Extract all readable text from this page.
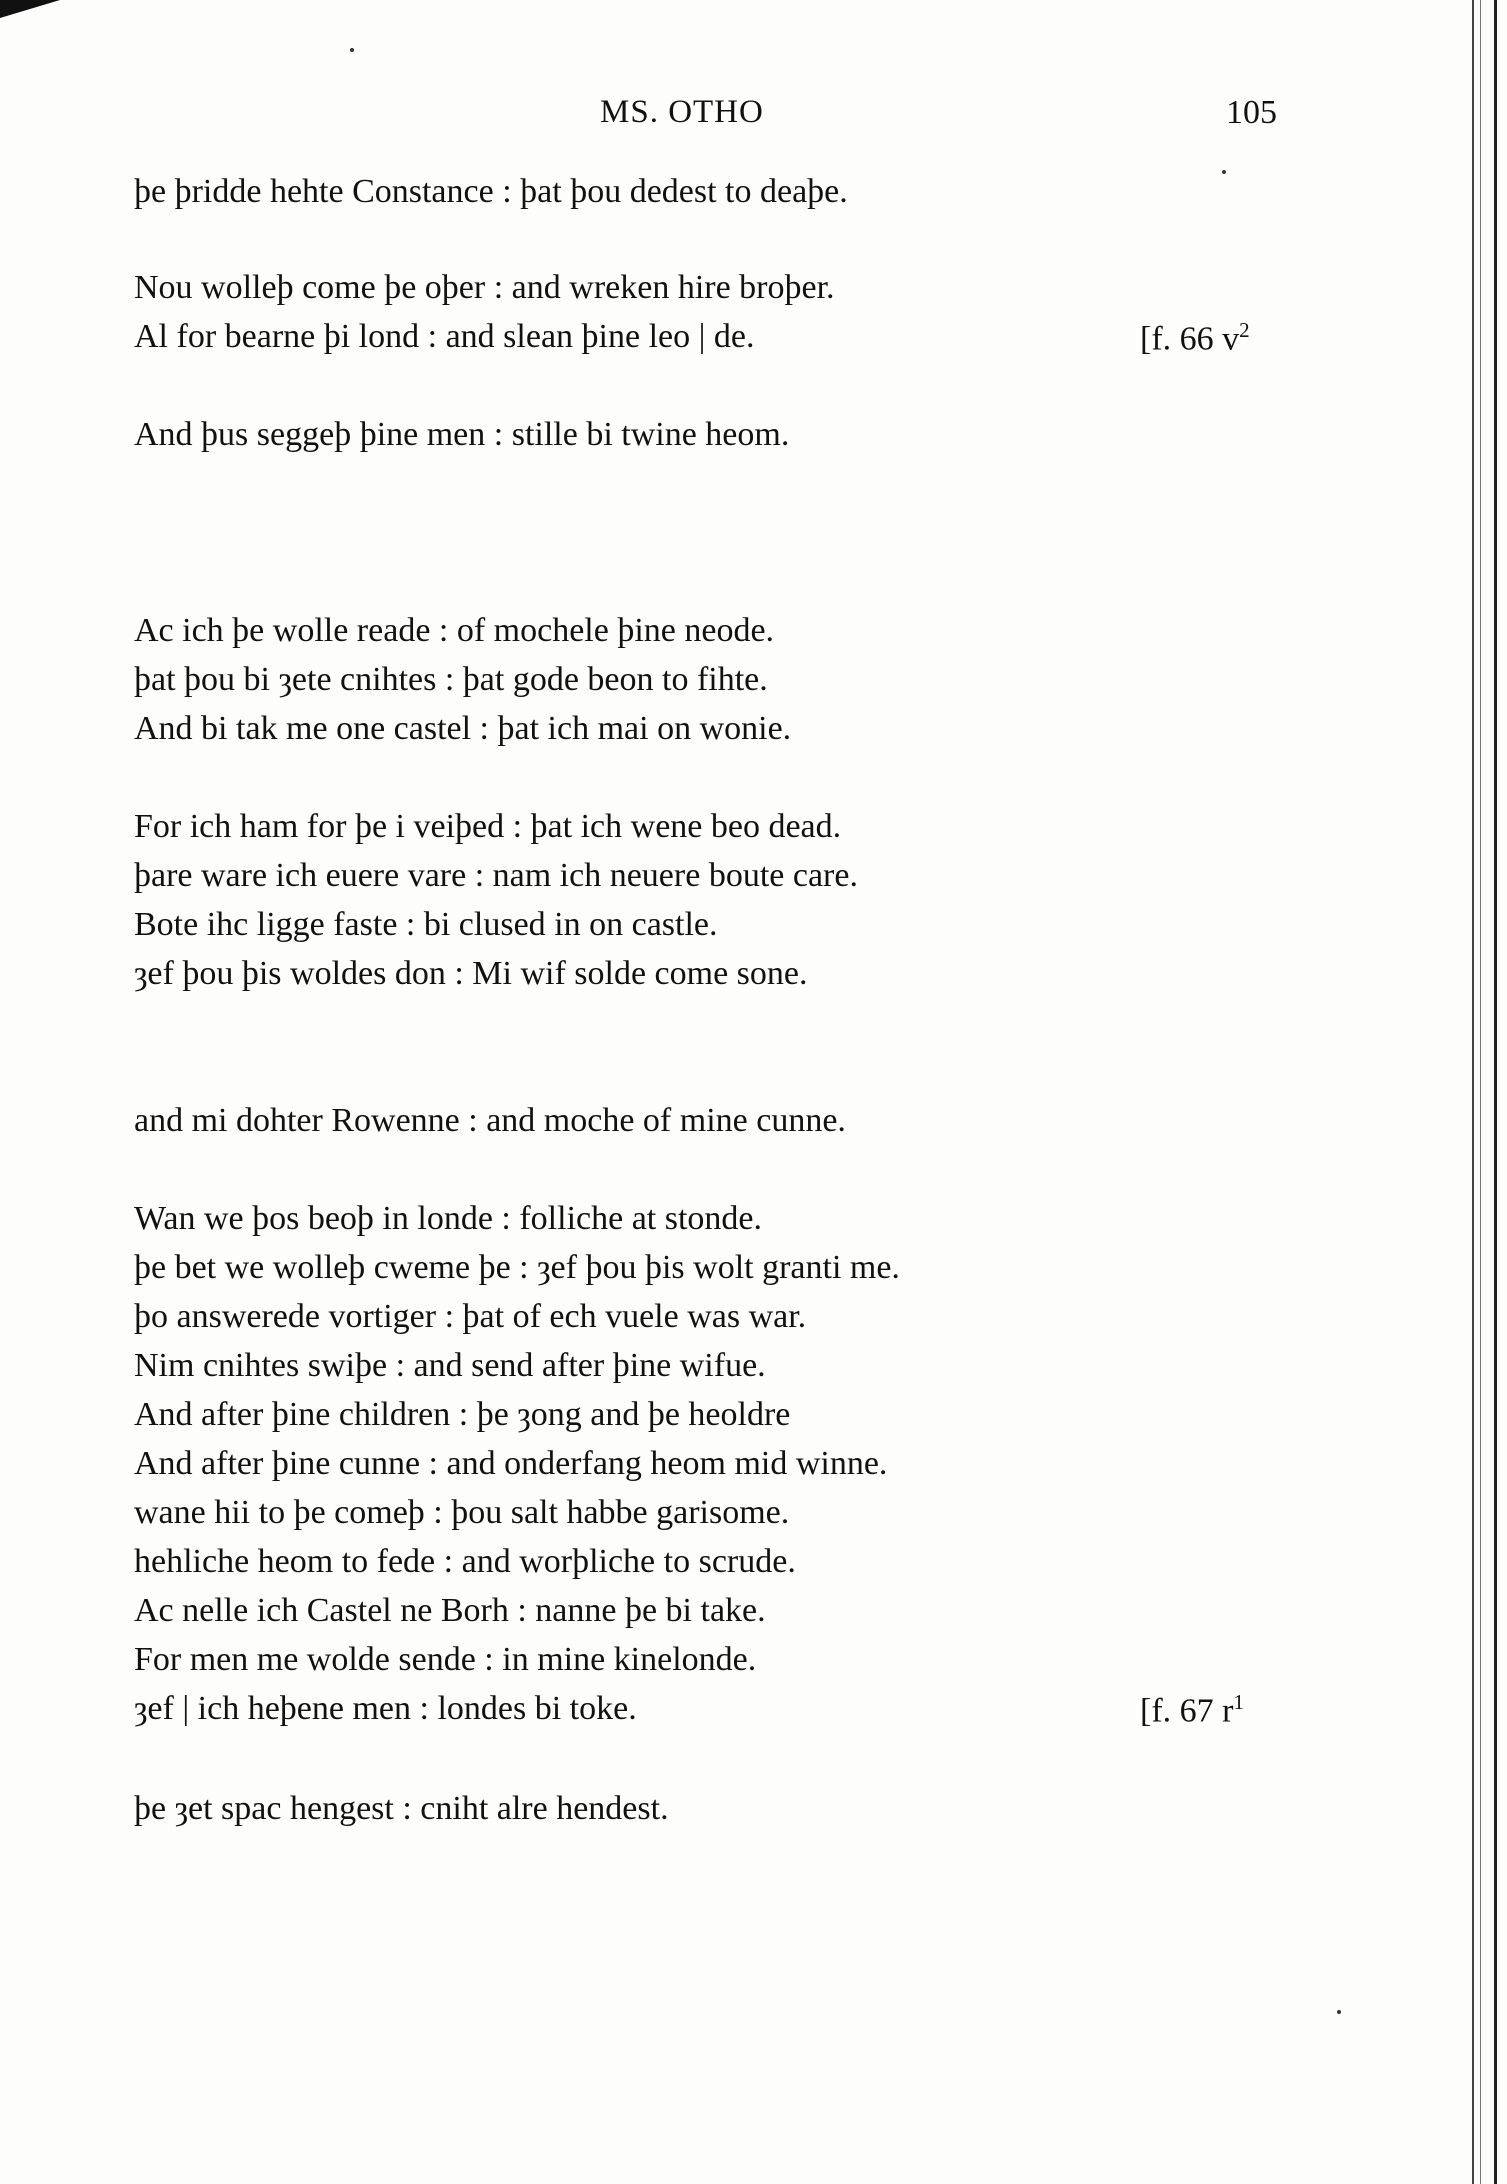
MS. OTHO	105
þe þridde hehte Constance : þat þou dedest to deaþe.
Nou wolleþ come þe oþer : and wreken hire broþer.
Al for bearne þi lond : and slean þine leo | de.	[f. 66 $v^2$
And þus seggeþ þine men : stille bi twine heom.
Ac ich þe wolle reade : of mochele þine neode.
þat þou bi ȝete cnihtes : þat gode beon to fihte.
And bi tak me one castel : þat ich mai on wonie.
For ich ham for þe i veiþed : þat ich wene beo dead.
þare ware ich euere vare : nam ich neuere boute care.
Bote ihc ligge faste : bi clused in on castle.
ȝef þou þis woldes don : Mi wif solde come sone.
and mi dohter Rowenne : and moche of mine cunne.
Wan we þos beoþ in londe : folliche at stonde.
þe bet we wolleþ cweme þe : ȝef þou þis wolt granti me.
þo answerede vortiger : þat of ech vuele was war.
Nim cnihtes swiþe : and send after þine wifue.
And after þine children : þe ȝong and þe heoldre
And after þine cunne : and onderfang heom mid winne.
wane hii to þe comeþ : þou salt habbe garisome.
hehliche heom to fede : and worþliche to scrude.
Ac nelle ich Castel ne Borh : nanne þe bi take.
For men me wolde sende : in mine kinelonde.
ȝef | ich heþene men : londes bi toke.	[f. 67 $r^1$
þe ȝet spac hengest : cniht alre hendest.
